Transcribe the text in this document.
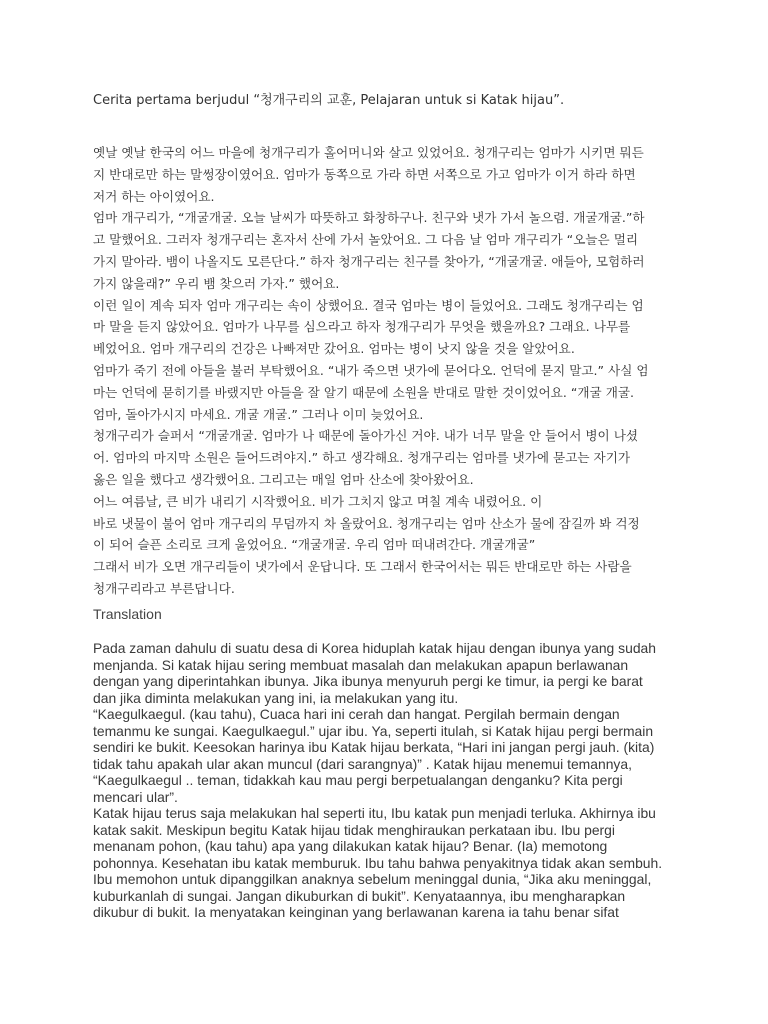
Cerita pertama berjudul “청개구리의 교훈, Pelajaran untuk si Katak hijau”.

옛날 옛날 한국의 어느 마을에 청개구리가 홀어머니와 살고 있었어요. 청개구리는 엄마가 시키면 뭐든

지 반대로만 하는 말썽장이였어요. 엄마가 동쪽으로 가라 하면 서쪽으로 가고 엄마가 이거 하라 하면

저거 하는 아이였어요.

엄마 개구리가, “개굴개굴. 오늘 날씨가 따뜻하고 화창하구나. 친구와 냇가 가서 놀으렴. 개굴개굴.”하

고 말했어요. 그러자 청개구리는 혼자서 산에 가서 놀았어요. 그 다음 날 엄마 개구리가 “오늘은 멀리

가지 말아라. 뱀이 나올지도 모른단다.” 하자 청개구리는 친구를 찾아가, “개굴개굴. 애들아, 모험하러

가지 않을래?” 우리 뱀 찾으러 가자.” 했어요.

이런 일이 계속 되자 엄마 개구리는 속이 상했어요. 결국 엄마는 병이 들었어요. 그래도 청개구리는 엄

마 말을 듣지 않았어요. 엄마가 나무를 심으라고 하자 청개구리가 무엇을 했을까요? 그래요. 나무를

베었어요. 엄마 개구리의 건강은 나빠져만 갔어요. 엄마는 병이 낫지 않을 것을 알았어요.

엄마가 죽기 전에 아들을 불러 부탁했어요. “내가 죽으면 냇가에 묻어다오. 언덕에 묻지 말고.” 사실 엄

마는 언덕에 묻히기를 바랬지만 아들을 잘 알기 때문에 소원을 반대로 말한 것이었어요. “개굴 개굴.

엄마, 돌아가시지 마세요. 개굴 개굴.” 그러나 이미 늦었어요.

청개구리가 슬퍼서 “개굴개굴. 엄마가 나 때문에 돌아가신 거야. 내가 너무 말을 안 들어서 병이 나셨

어. 엄마의 마지막 소원은 들어드려야지.” 하고 생각해요. 청개구리는 엄마를 냇가에 묻고는 자기가

옳은 일을 했다고 생각했어요. 그리고는 매일 엄마 산소에 찾아왔어요.

어느 여름날, 큰 비가 내리기 시작했어요. 비가 그치지 않고 며칠 계속 내렸어요. 이

바로 냇물이 불어 엄마 개구리의 무덤까지 차 올랐어요. 청개구리는 엄마 산소가 물에 잠길까 봐 걱정

이 되어 슬픈 소리로 크게 울었어요. “개굴개굴. 우리 엄마 떠내려간다. 개굴개굴”

그래서 비가 오면 개구리들이 냇가에서 운답니다. 또 그래서 한국어서는 뭐든 반대로만 하는 사람을

청개구리라고 부른답니다.

Translation

Pada zaman dahulu di suatu desa di Korea hiduplah katak hijau dengan ibunya yang sudah

menjanda. Si katak hijau sering membuat masalah dan melakukan apapun berlawanan

dengan yang diperintahkan ibunya. Jika ibunya menyuruh pergi ke timur, ia pergi ke barat

dan jika diminta melakukan yang ini, ia melakukan yang itu.

“Kaegulkaegul. (kau tahu), Cuaca hari ini cerah dan hangat. Pergilah bermain dengan

temanmu ke sungai. Kaegulkaegul.” ujar ibu. Ya, seperti itulah, si Katak hijau pergi bermain

sendiri ke bukit. Keesokan harinya ibu Katak hijau berkata, “Hari ini jangan pergi jauh. (kita)

tidak tahu apakah ular akan muncul (dari sarangnya)” . Katak hijau menemui temannya,

“Kaegulkaegul .. teman, tidakkah kau mau pergi berpetualangan denganku? Kita pergi

mencari ular”.

Katak hijau terus saja melakukan hal seperti itu, Ibu katak pun menjadi terluka. Akhirnya ibu

katak sakit. Meskipun begitu Katak hijau tidak menghiraukan perkataan ibu. Ibu pergi

menanam pohon, (kau tahu) apa yang dilakukan katak hijau? Benar. (Ia) memotong

pohonnya. Kesehatan ibu katak memburuk. Ibu tahu bahwa penyakitnya tidak akan sembuh.

Ibu memohon untuk dipanggilkan anaknya sebelum meninggal dunia, “Jika aku meninggal,

kuburkanlah di sungai. Jangan dikuburkan di bukit”. Kenyataannya, ibu mengharapkan

dikubur di bukit. Ia menyatakan keinginan yang berlawanan karena ia tahu benar sifat
